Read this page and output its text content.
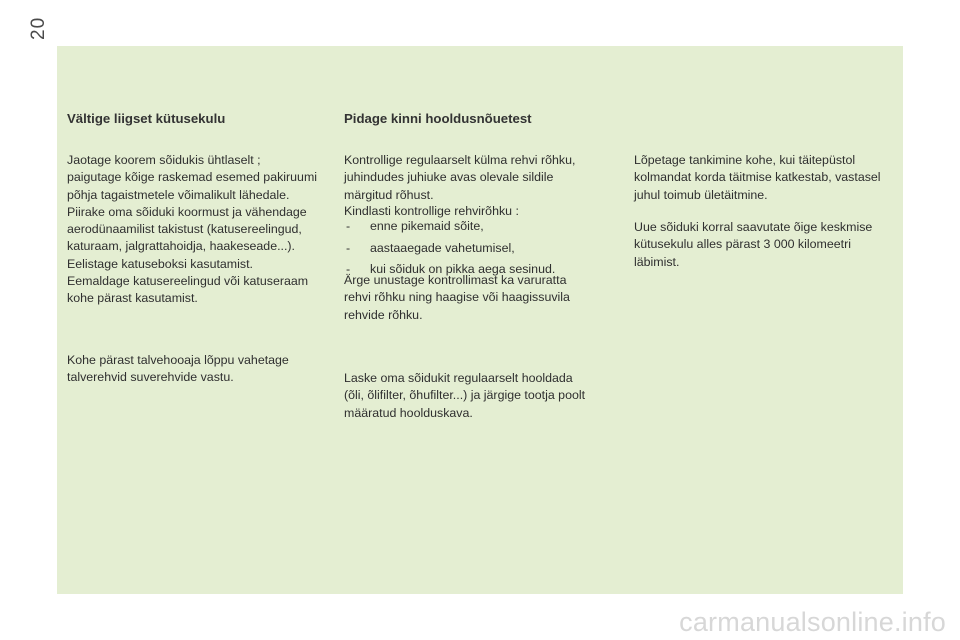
20
Vältige liigset kütusekulu

Jaotage koorem sõidukis ühtlaselt ;

paigutage kõige raskemad esemed pakiruumi

põhja tagaistmetele võimalikult lähedale.

Piirake oma sõiduki koormust ja vähendage

aerodünaamilist takistust (katusereelingud,

katuraam, jalgrattahoidja, haakeseade...).

Eelistage katuseboksi kasutamist.

Eemaldage katusereelingud või katuseraam

kohe pärast kasutamist.

Kohe pärast talvehooaja lõppu vahetage

talverehvid suverehvide vastu.

Pidage kinni hooldusnõuetest

Kontrollige regulaarselt külma rehvi rõhku,

juhindudes juhiuke avas olevale sildile

märgitud rõhust.

Kindlasti kontrollige rehvirõhku :

- enne pikemaid sõite,
- aastaaegade vahetumisel,
- kui sõiduk on pikka aega sesinud.

Ärge unustage kontrollimast ka varuratta

rehvi rõhku ning haagise või haagissuvila

rehvide rõhku.

Laske oma sõidukit regulaarselt hooldada

(õli, õlifilter, õhufilter...) ja järgige tootja poolt

määratud hoolduskava.

Lõpetage tankimine kohe, kui täitepüstol

kolmandat korda täitmise katkestab, vastasel

juhul toimub ületäitmine.

Uue sõiduki korral saavutate õige keskmise

kütusekulu alles pärast 3 000 kilomeetri

läbimist.

carmanualsonline.info
